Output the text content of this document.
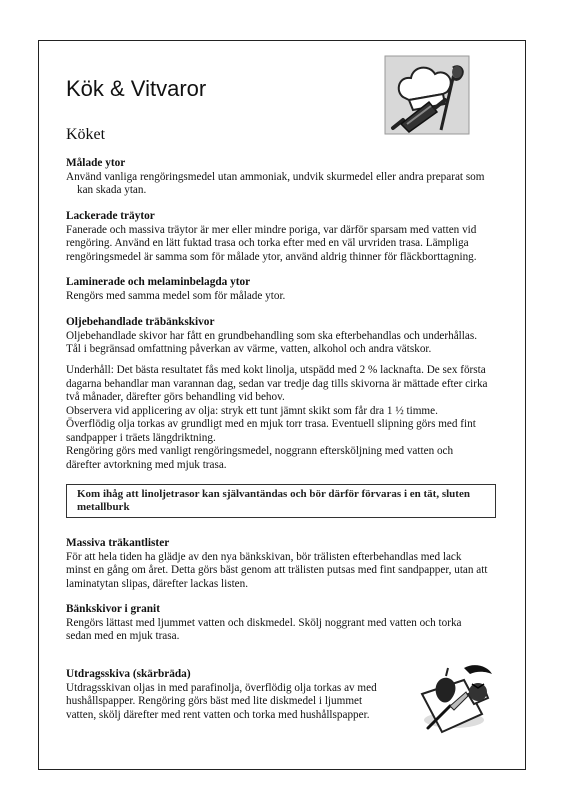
Kök & Vitvaror
Köket
Målade ytor

Använd vanliga rengöringsmedel utan ammoniak, undvik skurmedel eller andra preparat som

kan skada ytan.

Lackerade träytor

Fanerade och massiva träytor är mer eller mindre poriga, var därför sparsam med vatten vid

rengöring. Använd en lätt fuktad trasa och torka efter med en väl urvriden trasa. Lämpliga

rengöringsmedel är samma som för målade ytor, använd aldrig thinner för fläckborttagning.

Laminerade och melaminbelagda ytor

Rengörs med samma medel som för målade ytor.

Oljebehandlade träbänkskivor

Oljebehandlade skivor har fått en grundbehandling som ska efterbehandlas och underhållas.

Tål i begränsad omfattning påverkan av värme, vatten, alkohol och andra vätskor.

Underhåll: Det bästa resultatet fås med kokt linolja, utspädd med 2 % lacknafta. De sex första

dagarna behandlar man varannan dag, sedan var tredje dag tills skivorna är mättade efter cirka

två månader, därefter görs behandling vid behov.

Observera vid applicering av olja: stryk ett tunt jämnt skikt som får dra 1 ½ timme.

Överflödig olja torkas av grundligt med en mjuk torr trasa. Eventuell slipning görs med fint

sandpapper i träets längdriktning.

Rengöring görs med vanligt rengöringsmedel, noggrann eftersköljning med vatten och

därefter avtorkning med mjuk trasa.

Kom ihåg att linoljetrasor kan självantändas och bör därför förvaras i en tät, sluten metallburk
Massiva träkantlister

För att hela tiden ha glädje av den nya bänkskivan, bör trälisten efterbehandlas med lack

minst en gång om året. Detta görs bäst genom att trälisten putsas med fint sandpapper, utan att

laminatytan slipas, därefter lackas listen.

Bänkskivor i granit

Rengörs lättast med ljummet vatten och diskmedel. Skölj noggrant med vatten och torka

sedan med en mjuk trasa.

Utdragsskiva (skärbräda)

Utdragsskivan oljas in med parafinolja, överflödig olja torkas av med

hushållspapper. Rengöring görs bäst med lite diskmedel i ljummet

vatten, skölj därefter med rent vatten och torka med hushållspapper.
